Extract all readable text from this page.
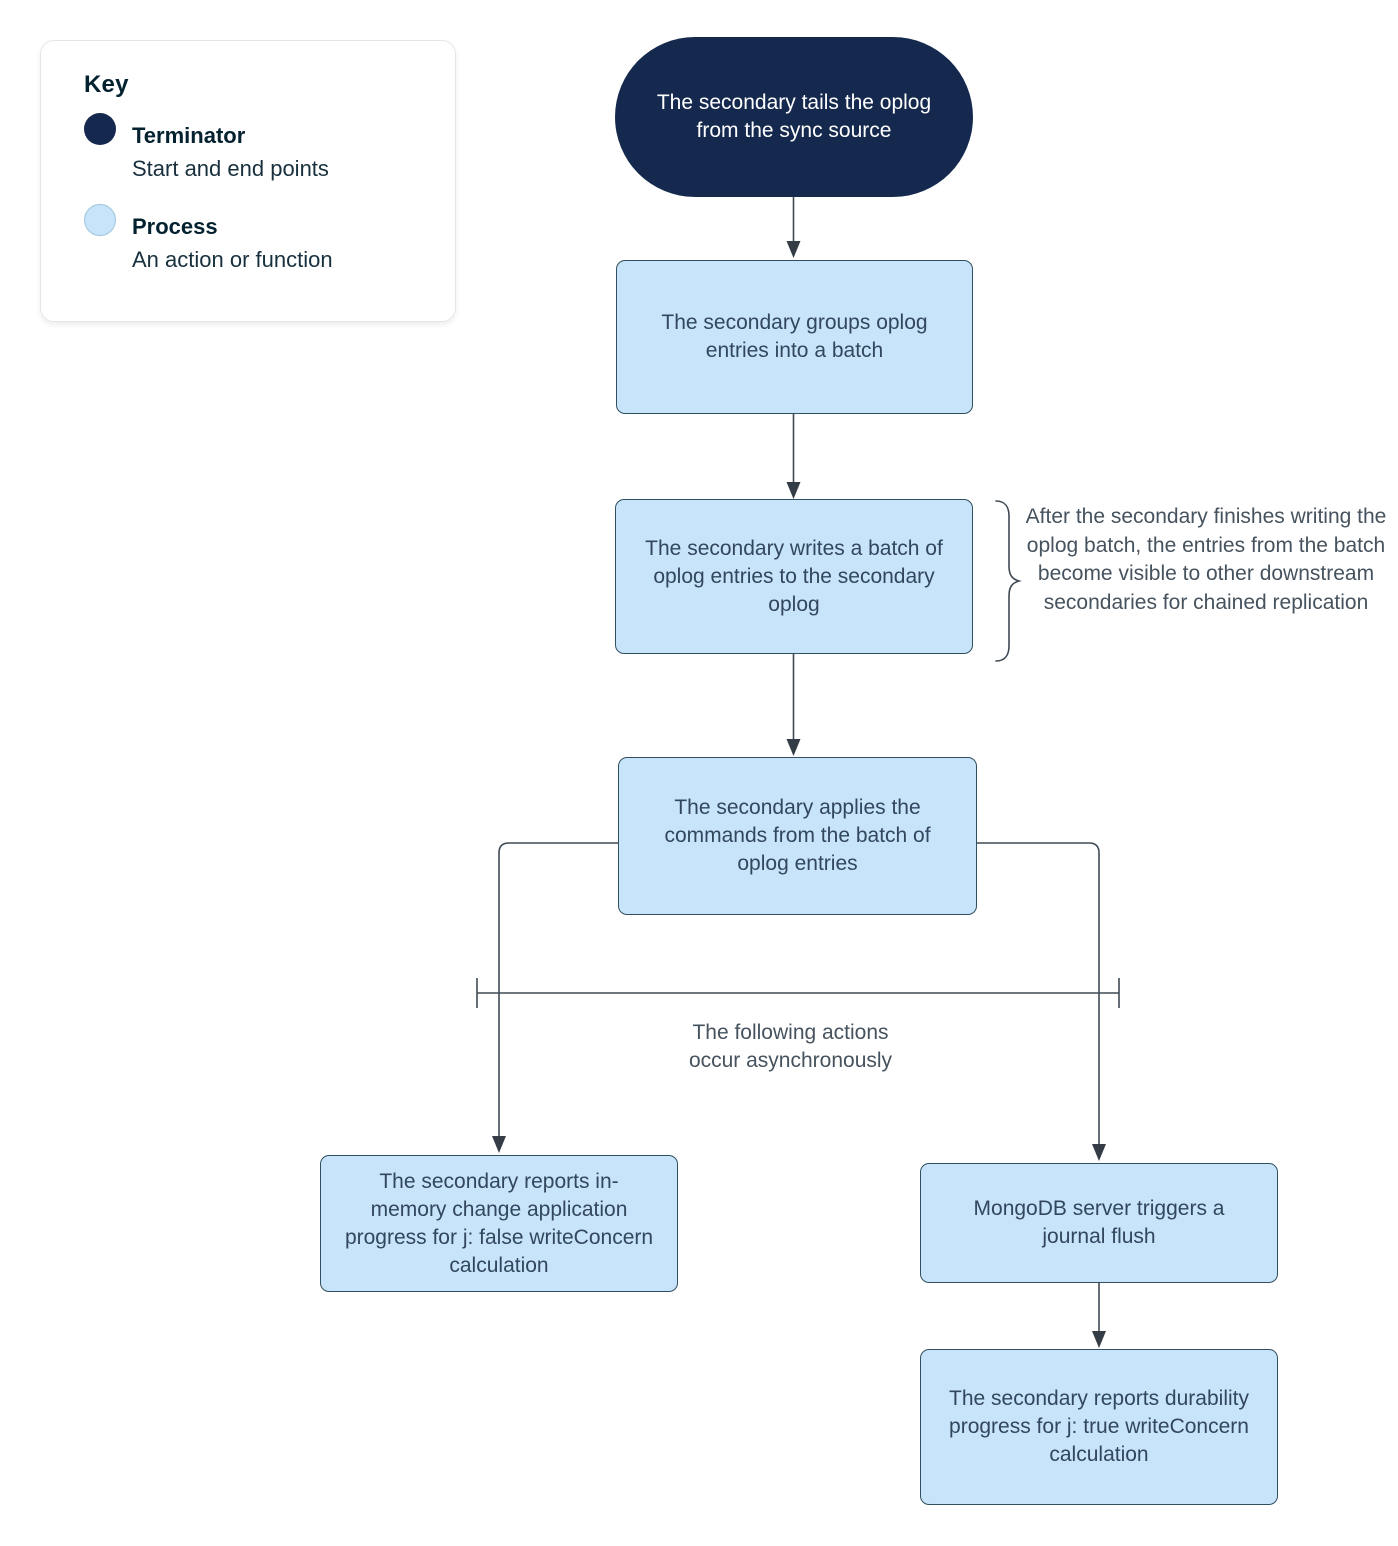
Key
Terminator
Start and end points
Process
An action or function
The secondary tails the oplog from the sync source
The secondary groups oplog entries into a batch
The secondary writes a batch of oplog entries to the secondary oplog
The secondary applies the commands from the batch of oplog entries
The secondary reports in-memory change application progress for j: false writeConcern calculation
MongoDB server triggers a journal flush
The secondary reports durability progress for j: true writeConcern calculation
After the secondary finishes writing the oplog batch, the entries from the batch become visible to other downstream secondaries for chained replication
The following actions occur asynchronously
